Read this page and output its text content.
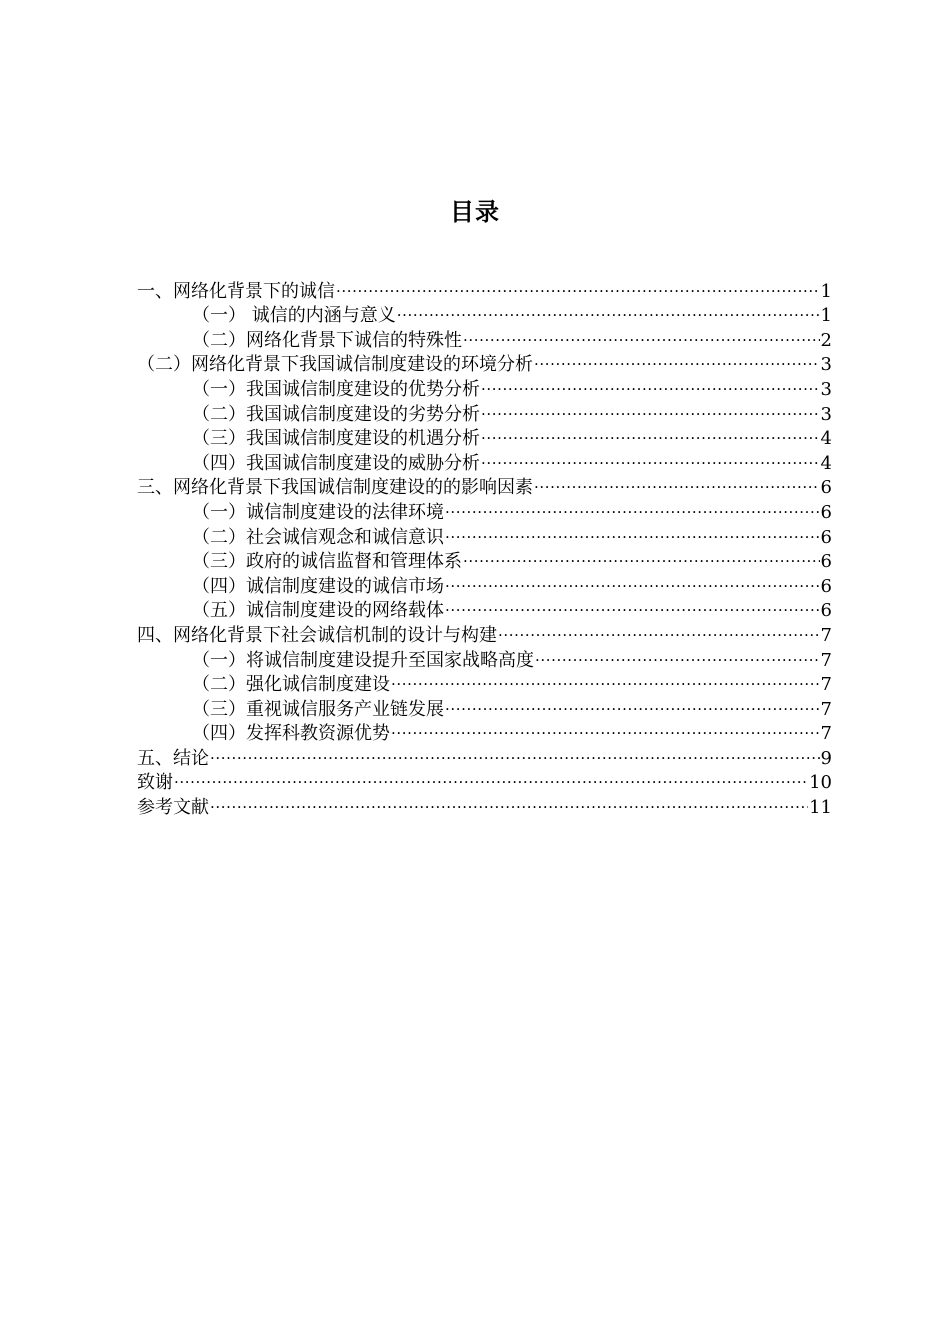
目录
一、网络化背景下的诚信 .....	1
（一） 诚信的内涵与意义 .....	1
（二）网络化背景下诚信的特殊性 .....	2
（二）网络化背景下我国诚信制度建设的环境分析 .....	3
（一）我国诚信制度建设的优势分析 .....	3
（二）我国诚信制度建设的劣势分析 .....	3
（三）我国诚信制度建设的机遇分析 .....	4
（四）我国诚信制度建设的威胁分析 .....	4
三、网络化背景下我国诚信制度建设的的影响因素 .....	6
（一）诚信制度建设的法律环境 .....	6
（二）社会诚信观念和诚信意识 .....	6
（三）政府的诚信监督和管理体系 .....	6
（四）诚信制度建设的诚信市场 .....	6
（五）诚信制度建设的网络载体 .....	6
四、网络化背景下社会诚信机制的设计与构建 .....	7
（一）将诚信制度建设提升至国家战略高度 .....	7
（二）强化诚信制度建设 .....	7
（三）重视诚信服务产业链发展 .....	7
（四）发挥科教资源优势 .....	7
五、结论 .....	9
致谢 .....	10
参考文献 .....	11
